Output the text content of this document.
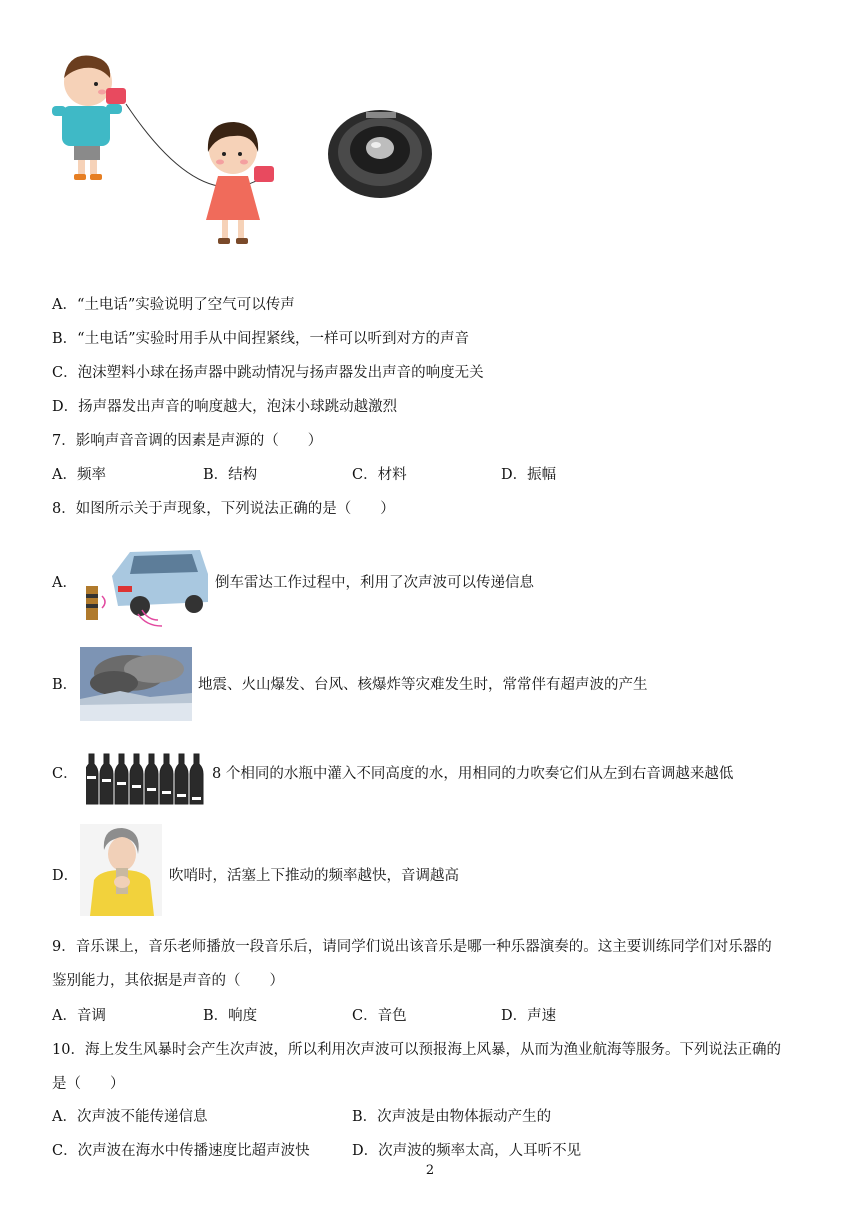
A．“土电话”实验说明了空气可以传声
B．“土电话”实验时用手从中间捏紧线，一样可以听到对方的声音
C．泡沫塑料小球在扬声器中跳动情况与扬声器发出声音的响度无关
D．扬声器发出声音的响度越大，泡沫小球跳动越激烈
7．影响声音音调的因素是声源的（　　）
A．频率	B．结构	C．材料	D．振幅
8．如图所示关于声现象，下列说法正确的是（　　）
A．	倒车雷达工作过程中，利用了次声波可以传递信息
B．	地震、火山爆发、台风、核爆炸等灾难发生时，常常伴有超声波的产生
C．	8 个相同的水瓶中灌入不同高度的水，用相同的力吹奏它们从左到右音调越来越低
D．	吹哨时，活塞上下推动的频率越快，音调越高
9．音乐课上，音乐老师播放一段音乐后，请同学们说出该音乐是哪一种乐器演奏的。这主要训练同学们对乐器的
鉴别能力，其依据是声音的（　　）
A．音调	B．响度	C．音色	D．声速
10．海上发生风暴时会产生次声波，所以利用次声波可以预报海上风暴，从而为渔业航海等服务。下列说法正确的
是（　　）
A．次声波不能传递信息	B．次声波是由物体振动产生的
C．次声波在海水中传播速度比超声波快	D．次声波的频率太高，人耳听不见
2
